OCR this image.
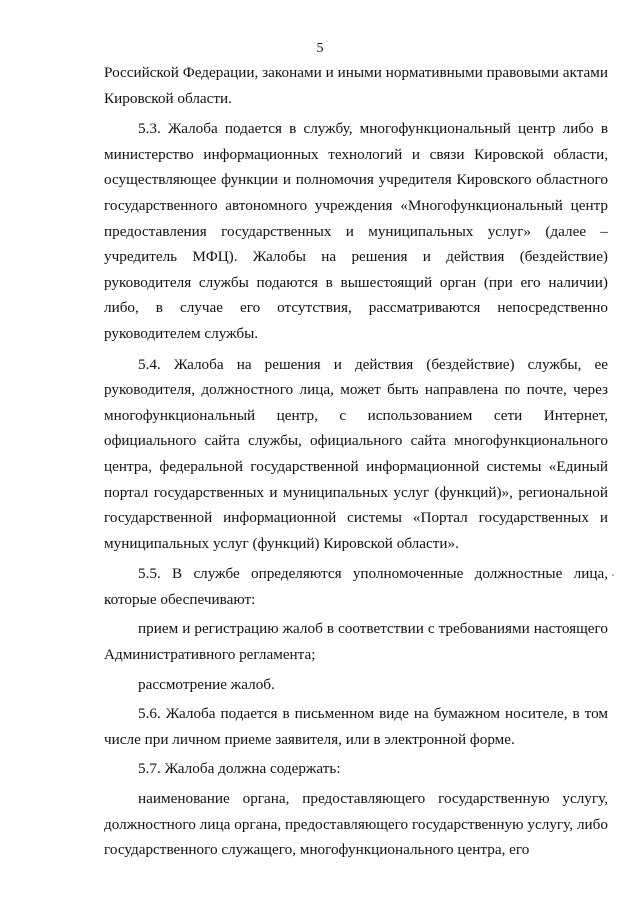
5

Российской Федерации, законами и иными нормативными правовыми актами Кировской области.

5.3. Жалоба подается в службу, многофункциональный центр либо в министерство информационных технологий и связи Кировской области, осуществляющее функции и полномочия учредителя Кировского областного государственного автономного учреждения «Многофункциональный центр предоставления государственных и муниципальных услуг» (далее – учредитель МФЦ). Жалобы на решения и действия (бездействие) руководителя службы подаются в вышестоящий орган (при его наличии) либо, в случае его отсутствия, рассматриваются непосредственно руководителем службы.

5.4. Жалоба на решения и действия (бездействие) службы, ее руководителя, должностного лица, может быть направлена по почте, через многофункциональный центр, с использованием сети Интернет, официального сайта службы, официального сайта многофункционального центра, федеральной государственной информационной системы «Единый портал государственных и муниципальных услуг (функций)», региональной государственной информационной системы «Портал государственных и муниципальных услуг (функций) Кировской области».

5.5. В службе определяются уполномоченные должностные лица, которые обеспечивают:

прием и регистрацию жалоб в соответствии с требованиями настоящего Административного регламента;

рассмотрение жалоб.

5.6. Жалоба подается в письменном виде на бумажном носителе, в том числе при личном приеме заявителя, или в электронной форме.

5.7. Жалоба должна содержать:

наименование органа, предоставляющего государственную услугу, должностного лица органа, предоставляющего государственную услугу, либо государственного служащего, многофункционального центра, его
